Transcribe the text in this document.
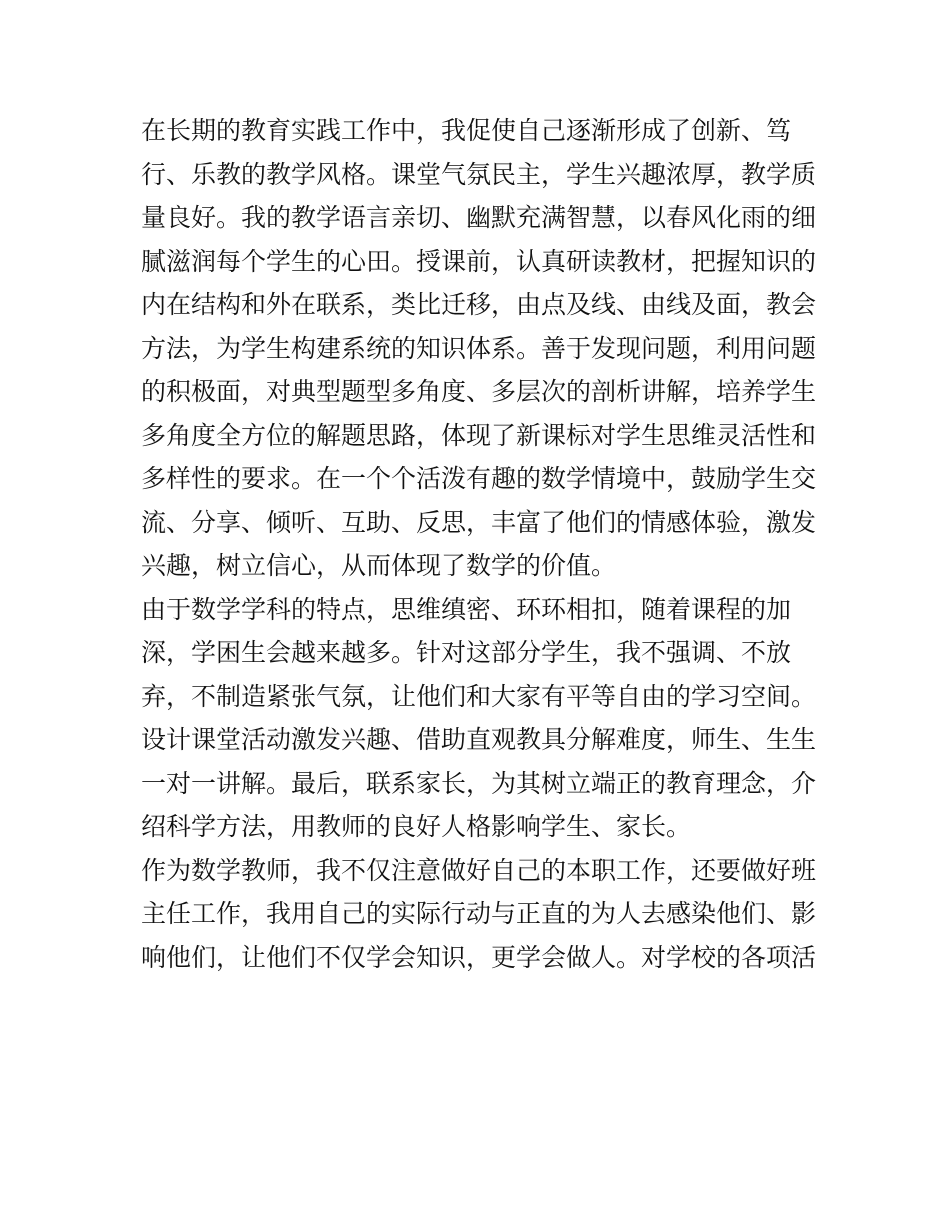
在长期的教育实践工作中，我促使自己逐渐形成了创新、笃
行、乐教的教学风格。课堂气氛民主，学生兴趣浓厚，教学质
量良好。我的教学语言亲切、幽默充满智慧，以春风化雨的细
腻滋润每个学生的心田。授课前，认真研读教材，把握知识的
内在结构和外在联系，类比迁移，由点及线、由线及面，教会
方法，为学生构建系统的知识体系。善于发现问题，利用问题
的积极面，对典型题型多角度、多层次的剖析讲解，培养学生
多角度全方位的解题思路，体现了新课标对学生思维灵活性和
多样性的要求。在一个个活泼有趣的数学情境中，鼓励学生交
流、分享、倾听、互助、反思，丰富了他们的情感体验，激发
兴趣，树立信心，从而体现了数学的价值。
由于数学学科的特点，思维缜密、环环相扣，随着课程的加
深，学困生会越来越多。针对这部分学生，我不强调、不放
弃，不制造紧张气氛，让他们和大家有平等自由的学习空间。
设计课堂活动激发兴趣、借助直观教具分解难度，师生、生生
一对一讲解。最后，联系家长，为其树立端正的教育理念，介
绍科学方法，用教师的良好人格影响学生、家长。
作为数学教师，我不仅注意做好自己的本职工作，还要做好班
主任工作，我用自己的实际行动与正直的为人去感染他们、影
响他们，让他们不仅学会知识，更学会做人。对学校的各项活
